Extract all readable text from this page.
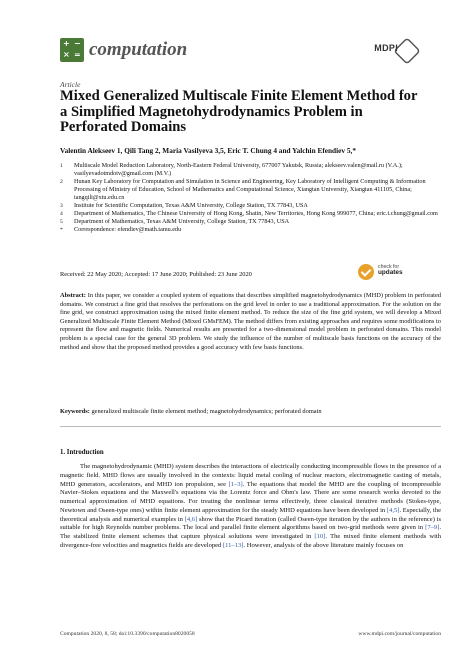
+ −
× = computation	MDPI
Article
Mixed Generalized Multiscale Finite Element Method for a Simplified Magnetohydrodynamics Problem in Perforated Domains
Valentin Alekseev 1, Qili Tang 2, Maria Vasilyeva 3,5, Eric T. Chung 4 and Yalchin Efendiev 5,*
1	Multiscale Model Reduction Laboratory, North-Eastern Federal University, 677007 Yakutsk, Russia; alekseev.valen@mail.ru (V.A.); vasilyevadotmdotv@gmail.com (M.V.)
2	Hunan Key Laboratory for Computation and Simulation in Science and Engineering, Key Laboratory of Intelligent Computing & Information Processing of Ministry of Education, School of Mathematics and Computational Science, Xiangtan University, Xiangtan 411105, China; tangqili@xtu.edu.cn
3	Institute for Scientific Computation, Texas A&M University, College Station, TX 77843, USA
4	Department of Mathematics, The Chinese University of Hong Kong, Shatin, New Territories, Hong Kong 999077, China; eric.t.chung@gmail.com
5	Department of Mathematics, Texas A&M University, College Station, TX 77843, USA
*	Correspondence: efendiev@math.tamu.edu
Received: 22 May 2020; Accepted: 17 June 2020; Published: 23 June 2020
check for
updates
Abstract: In this paper, we consider a coupled system of equations that describes simplified magnetohydrodynamics (MHD) problem in perforated domains. We construct a fine grid that resolves the perforations on the grid level in order to use a traditional approximation. For the solution on the fine grid, we construct approximation using the mixed finite element method. To reduce the size of the fine grid system, we will develop a Mixed Generalized Multiscale Finite Element Method (Mixed GMsFEM). The method differs from existing approaches and requires some modifications to represent the flow and magnetic fields. Numerical results are presented for a two-dimensional model problem in perforated domains. This model problem is a special case for the general 3D problem. We study the influence of the number of multiscale basis functions on the accuracy of the method and show that the proposed method provides a good accuracy with few basis functions.
Keywords: generalized multiscale finite element method; magnetohydrodynamics; perforated domain
1. Introduction
The magnetohydrodynamic (MHD) system describes the interactions of electrically conducting incompressible flows in the presence of a magnetic field. MHD flows are usually involved in the contexts: liquid metal cooling of nuclear reactors, electromagnetic casting of metals, MHD generators, accelerators, and MHD ion propulsion, see [1–3]. The equations that model the MHD are the coupling of incompressible Navier–Stokes equations and the Maxwell's equations via the Lorentz force and Ohm's law. There are some research works devoted to the numerical approximation of MHD equations. For treating the nonlinear terms effectively, three classical iterative methods (Stokes-type, Newtown and Oseen-type ones) within finite element approximation for the steady MHD equations have been developed in [4,5]. Especially, the theoretical analysis and numerical examples in [4,6] show that the Picard iteration (called Oseen-type iteration by the authors in the reference) is suitable for high Reynolds number problems. The local and parallel finite element algorithms based on two-grid methods were given in [7–9]. The stabilized finite element schemes that capture physical solutions were investigated in [10]. The mixed finite element methods with divergence-free velocities and magnetics fields are developed [11–13]. However, analysis of the above literature mainly focuses on
Computation 2020, 8, 58; doi:10.3390/computation8020058	www.mdpi.com/journal/computation
